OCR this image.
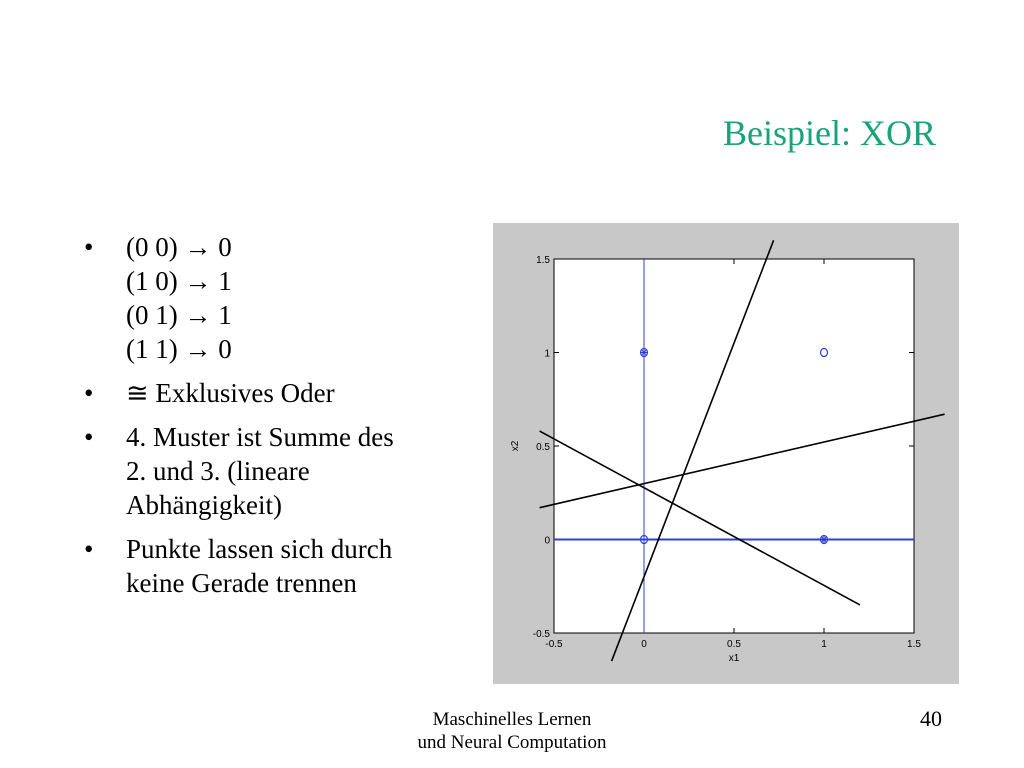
Beispiel: XOR
• (0 0) → 0
(1 0) → 1
(0 1) → 1
(1 1) → 0
• ≅ Exklusives Oder
• 4. Muster ist Summe des
2. und 3. (lineare
Abhängigkeit)
• Punkte lassen sich durch
keine Gerade trennen
-0.5	0	0.5	1	1.5
-0.5
0
0.5
1
1.5
x1
x2
Maschinelles Lernen
und Neural Computation
40
